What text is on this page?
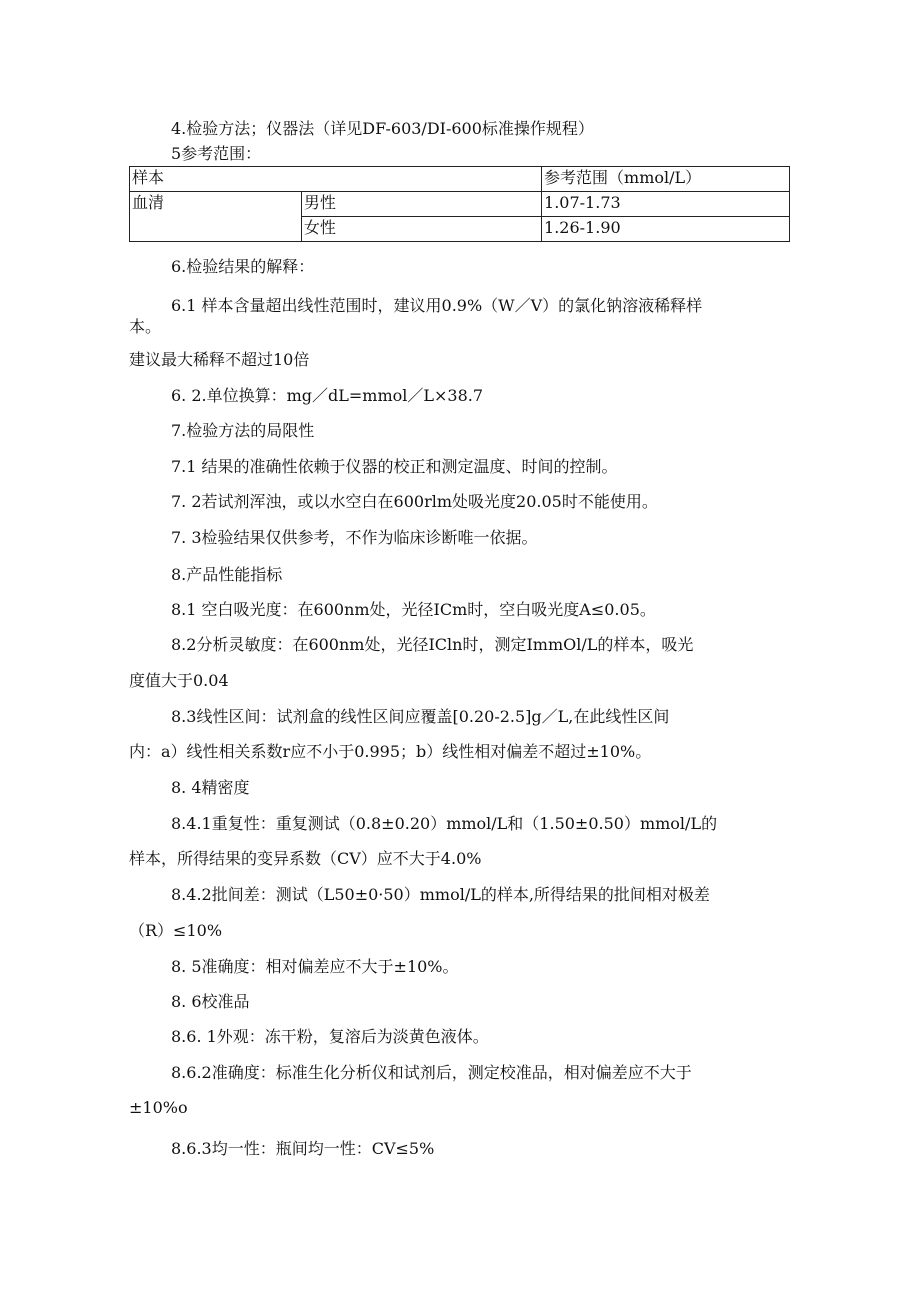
4.检验方法；仪器法（详见DF-603/DI-600标准操作规程）
5参考范围：
样本		参考范围（mmol/L）
血清	男性	1.07-1.73
	女性	1.26-1.90
6.检验结果的解释：
6.1 样本含量超出线性范围时，建议用0.9%（W／V）的氯化钠溶液稀释样
本。
建议最大稀释不超过10倍
6. 2.单位换算：mg／dL=mmol／L×38.7
7.检验方法的局限性
7.1 结果的准确性依赖于仪器的校正和测定温度、时间的控制。
7. 2若试剂浑浊，或以水空白在600rlm处吸光度20.05时不能使用。
7. 3检验结果仅供参考，不作为临床诊断唯一依据。
8.产品性能指标
8.1 空白吸光度：在600nm处，光径ICm时，空白吸光度A≤0.05。
8.2分析灵敏度：在600nm处，光径ICln时，测定ImmOl/L的样本，吸光
度值大于0.04
8.3线性区间：试剂盒的线性区间应覆盖[0.20-2.5]g／L,在此线性区间
内：a）线性相关系数r应不小于0.995；b）线性相对偏差不超过±10%。
8. 4精密度
8.4.1重复性：重复测试（0.8±0.20）mmol/L和（1.50±0.50）mmol/L的
样本，所得结果的变异系数（CV）应不大于4.0%
8.4.2批间差：测试（L50±0·50）mmol/L的样本,所得结果的批间相对极差
（R）≤10%
8. 5准确度：相对偏差应不大于±10%。
8. 6校准品
8.6. 1外观：冻干粉，复溶后为淡黄色液体。
8.6.2准确度：标准生化分析仪和试剂后，测定校准品，相对偏差应不大于
±10%o
8.6.3均一性：瓶间均一性：CV≤5%
